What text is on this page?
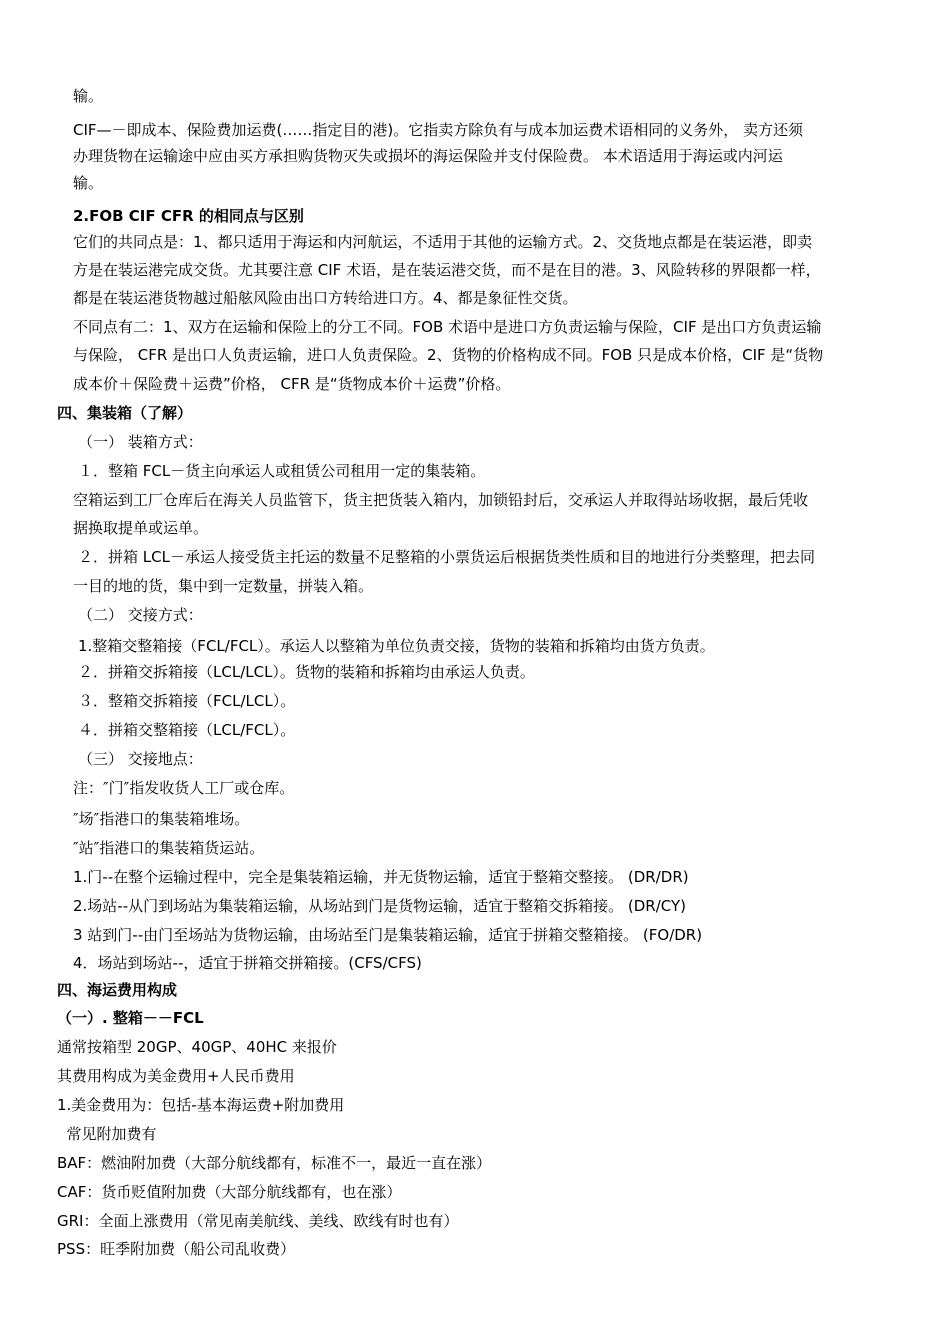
输。
CIF—－即成本、保险费加运费(……指定目的港)。它指卖方除负有与成本加运费术语相同的义务外， 卖方还须
办理货物在运输途中应由买方承担购货物灭失或损坏的海运保险并支付保险费。 本术语适用于海运或内河运
输。
2.FOB CIF CFR 的相同点与区别
它们的共同点是：1、都只适用于海运和内河航运，不适用于其他的运输方式。2、交货地点都是在装运港，即卖
方是在装运港完成交货。尤其要注意 CIF 术语，是在装运港交货，而不是在目的港。3、风险转移的界限都一样，
都是在装运港货物越过船舷风险由出口方转给进口方。4、都是象征性交货。
不同点有二：1、双方在运输和保险上的分工不同。FOB 术语中是进口方负责运输与保险，CIF 是出口方负责运输
与保险， CFR 是出口人负责运输，进口人负责保险。2、货物的价格构成不同。FOB 只是成本价格，CIF 是“货物
成本价＋保险费＋运费”价格， CFR 是“货物成本价＋运费”价格。
四、集装箱（了解）
（一） 装箱方式：
１．整箱 FCL－货主向承运人或租赁公司租用一定的集装箱。
空箱运到工厂仓库后在海关人员监管下，货主把货装入箱内，加锁铅封后，交承运人并取得站场收据，最后凭收
据换取提单或运单。
２．拼箱 LCL－承运人接受货主托运的数量不足整箱的小票货运后根据货类性质和目的地进行分类整理，把去同
一目的地的货，集中到一定数量，拼装入箱。
（二） 交接方式：
1.整箱交整箱接（FCL/FCL）。承运人以整箱为单位负责交接，货物的装箱和拆箱均由货方负责。
２．拼箱交拆箱接（LCL/LCL）。货物的装箱和拆箱均由承运人负责。
３．整箱交拆箱接（FCL/LCL）。
４．拼箱交整箱接（LCL/FCL）。
（三） 交接地点：
注：″门″指发收货人工厂或仓库。
″场″指港口的集装箱堆场。
″站″指港口的集装箱货运站。
1.门--在整个运输过程中，完全是集装箱运输，并无货物运输，适宜于整箱交整接。 (DR/DR)
2.场站--从门到场站为集装箱运输，从场站到门是货物运输，适宜于整箱交拆箱接。 (DR/CY)
3 站到门--由门至场站为货物运输，由场站至门是集装箱运输，适宜于拼箱交整箱接。 (FO/DR)
4．场站到场站--，适宜于拼箱交拼箱接。(CFS/CFS)
四、海运费用构成
（一）. 整箱－－FCL
通常按箱型 20GP、40GP、40HC 来报价
其费用构成为美金费用+人民币费用
1.美金费用为：包括-基本海运费+附加费用
常见附加费有
BAF：燃油附加费（大部分航线都有，标准不一，最近一直在涨）
CAF：货币贬值附加费（大部分航线都有，也在涨）
GRI：全面上涨费用（常见南美航线、美线、欧线有时也有）
PSS：旺季附加费（船公司乱收费）
